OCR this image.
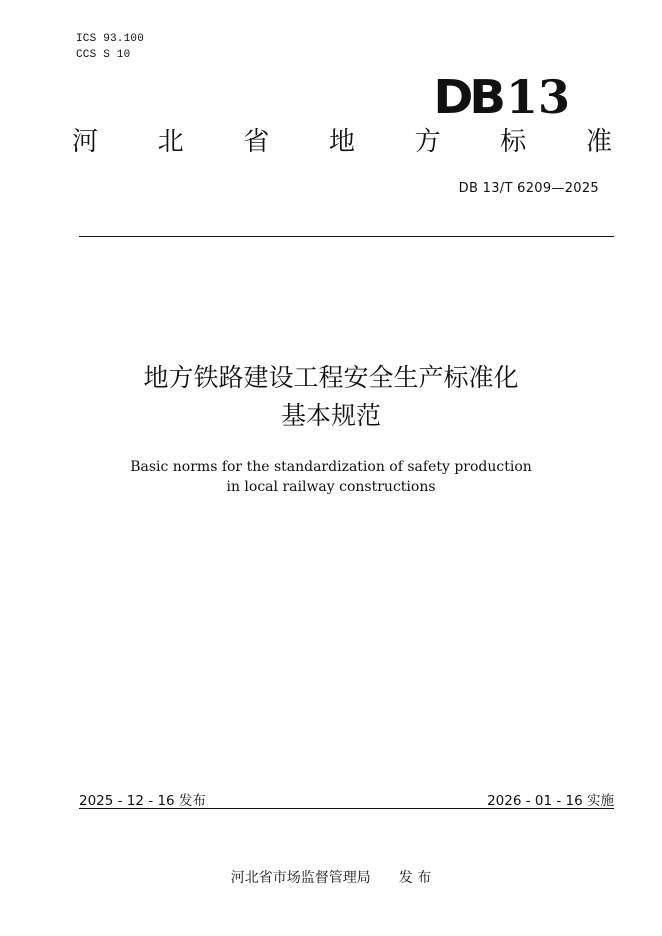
ICS 93.100
CCS S 10
DB 13
河 北 省 地 方 标 准
DB 13/T 6209—2025
地方铁路建设工程安全生产标准化
基本规范
Basic norms for the standardization of safety production
in local railway constructions
2025 - 12 - 16 发布	2026 - 01 - 16 实施
河北省市场监督管理局 发 布
